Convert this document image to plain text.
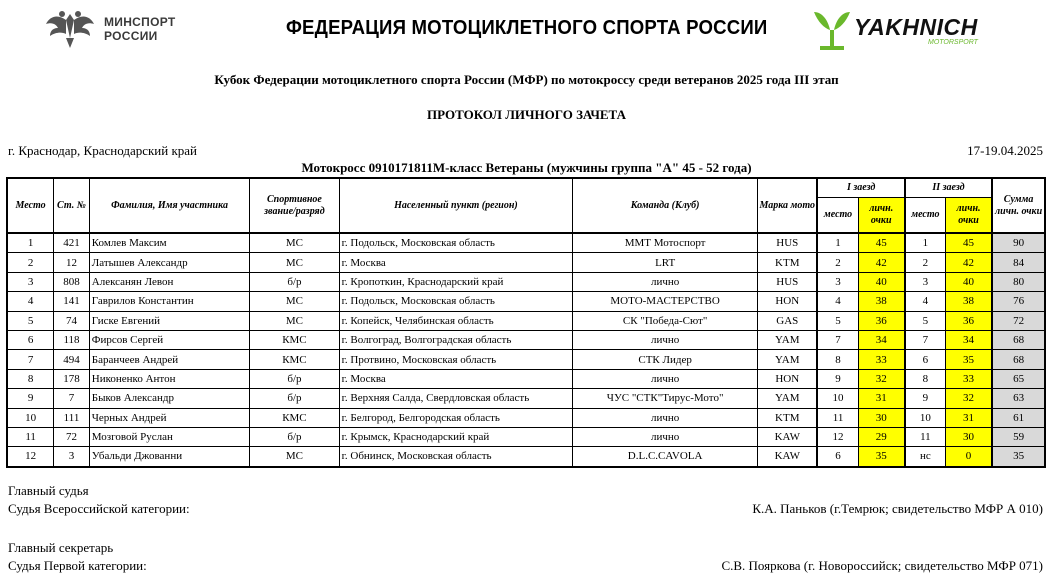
МИНСПОРТ
РОССИИ	ФЕДЕРАЦИЯ МОТОЦИКЛЕТНОГО СПОРТА РОССИИ	YAKHNICH
MOTORSPORT
Кубок Федерации мотоциклетного спорта России (МФР) по мотокроссу среди ветеранов 2025 года III этап
ПРОТОКОЛ ЛИЧНОГО ЗАЧЕТА
г. Краснодар, Краснодарский край	17-19.04.2025
Мотокросс 0910171811М-класс Ветераны (мужчины группа "А" 45 - 52 года)
Место	Ст. №	Фамилия, Имя участника	Спортивное звание/разряд	Населенный пункт (регион)	Команда (Клуб)	Марка мото	I заезд		II заезд		Сумма личн. очки
							место	личн. очки	место	личн. очки	
1	421	Комлев Максим	МС	г. Подольск, Московская область	ММТ Мотоспорт	HUS	1	45	1	45	90
2	12	Латышев Александр	МС	г. Москва	LRT	KTM	2	42	2	42	84
3	808	Алексанян Левон	б/р	г. Кропоткин, Краснодарский край	лично	HUS	3	40	3	40	80
4	141	Гаврилов Константин	МС	г. Подольск, Московская область	МОТО-МАСТЕРСТВО	HON	4	38	4	38	76
5	74	Гиске Евгений	МС	г. Копейск, Челябинская область	СК "Победа-Сют"	GAS	5	36	5	36	72
6	118	Фирсов Сергей	КМС	г. Волгоград, Волгоградская область	лично	YAM	7	34	7	34	68
7	494	Баранчеев Андрей	КМС	г. Протвино, Московская область	СТК Лидер	YAM	8	33	6	35	68
8	178	Никоненко Антон	б/р	г. Москва	лично	HON	9	32	8	33	65
9	7	Быков Александр	б/р	г. Верхняя Салда, Свердловская область	ЧУС "СТК"Тирус-Мото"	YAM	10	31	9	32	63
10	111	Черных Андрей	КМС	г. Белгород, Белгородская область	лично	KTM	11	30	10	31	61
11	72	Мозговой Руслан	б/р	г. Крымск, Краснодарский край	лично	KAW	12	29	11	30	59
12	3	Убальди Джованни	МС	г. Обнинск, Московская область	D.L.C.CAVOLA	KAW	6	35	нс	0	35
Главный судья
Судья Всероссийской категории:	К.А. Паньков (г.Темрюк; свидетельство МФР А 010)
Главный секретарь
Судья Первой категории:	С.В. Пояркова (г. Новороссийск; свидетельство МФР 071)
